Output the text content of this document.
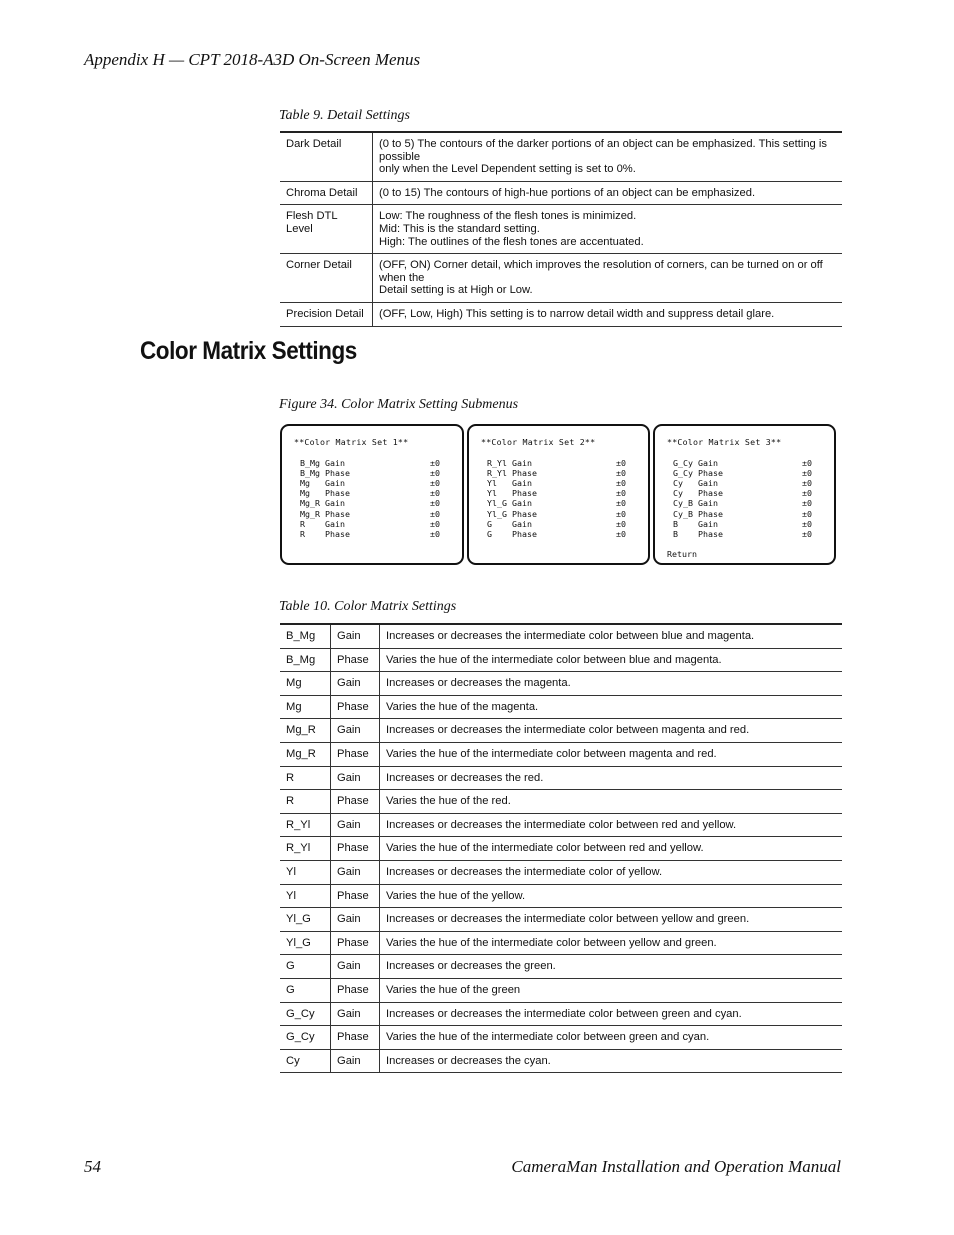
Appendix H — CPT 2018-A3D On-Screen Menus
Table 9. Detail Settings
Dark Detail	(0 to 5) The contours of the darker portions of an object can be emphasized. This setting is possible
only when the Level Dependent setting is set to 0%.

Chroma Detail	(0 to 15) The contours of high-hue portions of an object can be emphasized.

Flesh DTL Level	Low: The roughness of the flesh tones is minimized.
Mid: This is the standard setting.
High: The outlines of the flesh tones are accentuated.

Corner Detail	(OFF, ON) Corner detail, which improves the resolution of corners, can be turned on or off when the
Detail setting is at High or Low.

Precision Detail	(OFF, Low, High) This setting is to narrow detail width and suppress detail glare.
Color Matrix Settings
Figure 34. Color Matrix Setting Submenus
**Color Matrix Set 1**
B_Mg Gain	±0
B_Mg Phase	±0
Mg   Gain	±0
Mg   Phase	±0
Mg_R Gain	±0
Mg_R Phase	±0
R    Gain	±0
R    Phase	±0
**Color Matrix Set 2**
R_Yl Gain	±0
R_Yl Phase	±0
Yl   Gain	±0
Yl   Phase	±0
Yl_G Gain	±0
Yl_G Phase	±0
G    Gain	±0
G    Phase	±0
**Color Matrix Set 3**
G_Cy Gain	±0
G_Cy Phase	±0
Cy   Gain	±0
Cy   Phase	±0
Cy_B Gain	±0
Cy_B Phase	±0
B    Gain	±0
B    Phase	±0
Return
Table 10. Color Matrix Settings
B_Mg	Gain	Increases or decreases the intermediate color between blue and magenta.
B_Mg	Phase	Varies the hue of the intermediate color between blue and magenta.
Mg	Gain	Increases or decreases the magenta.
Mg	Phase	Varies the hue of the magenta.
Mg_R	Gain	Increases or decreases the intermediate color between magenta and red.
Mg_R	Phase	Varies the hue of the intermediate color between magenta and red.
R	Gain	Increases or decreases the red.
R	Phase	Varies the hue of the red.
R_Yl	Gain	Increases or decreases the intermediate color between red and yellow.
R_Yl	Phase	Varies the hue of the intermediate color between red and yellow.
Yl	Gain	Increases or decreases the intermediate color of yellow.
Yl	Phase	Varies the hue of the yellow.
Yl_G	Gain	Increases or decreases the intermediate color between yellow and green.
Yl_G	Phase	Varies the hue of the intermediate color between yellow and green.
G	Gain	Increases or decreases the green.
G	Phase	Varies the hue of the green
G_Cy	Gain	Increases or decreases the intermediate color between green and cyan.
G_Cy	Phase	Varies the hue of the intermediate color between green and cyan.
Cy	Gain	Increases or decreases the cyan.
54	CameraMan Installation and Operation Manual
